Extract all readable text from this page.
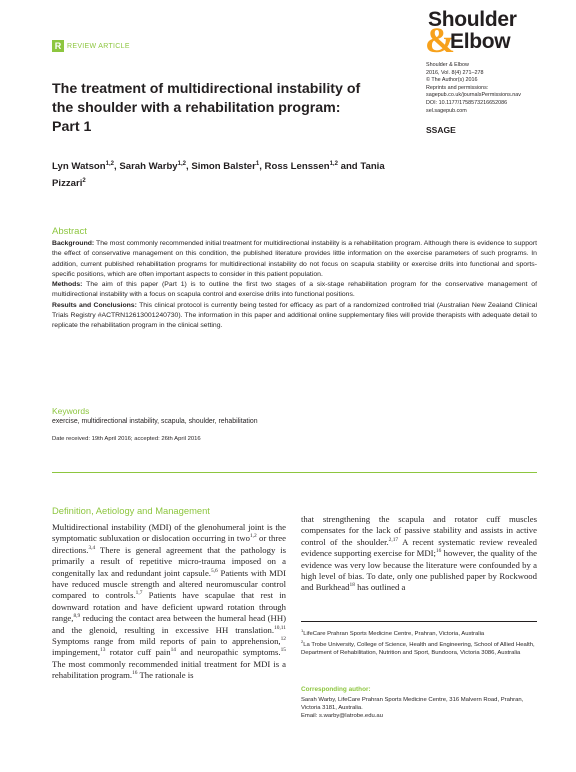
&
Shoulder
Elbow
Shoulder & Elbow
2016, Vol. 8(4) 271–278
© The Author(s) 2016
Reprints and permissions:
sagepub.co.uk/journalsPermissions.nav
DOI: 10.1177/1758573216652086
sel.sagepub.com
SSAGE
R REVIEW ARTICLE
The treatment of multidirectional instability of the shoulder with a rehabilitation program: Part 1
Lyn Watson$^{1,2}$, Sarah Warby$^{1,2}$, Simon Balster$^1$, Ross Lenssen$^{1,2}$ and Tania Pizzari$^2$
Abstract

Background: The most commonly recommended initial treatment for multidirectional instability is a rehabilitation program. Although there is evidence to support the effect of conservative management on this condition, the published literature provides little information on the exercise parameters of such programs. In addition, current published rehabilitation programs for multidirectional instability do not focus on scapula stability or exercise drills into functional and sports-specific positions, which are often important aspects to consider in this patient population.

Methods: The aim of this paper (Part 1) is to outline the first two stages of a six-stage rehabilitation program for the conservative management of multidirectional instability with a focus on scapula control and exercise drills into functional positions.

Results and Conclusions: This clinical protocol is currently being tested for efficacy as part of a randomized controlled trial (Australian New Zealand Clinical Trials Registry #ACTRN12613001240730). The information in this paper and additional online supplementary files will provide therapists with adequate detail to replicate the rehabilitation program in the clinical setting.

Keywords
exercise, multidirectional instability, scapula, shoulder, rehabilitation
Date received: 19th April 2016; accepted: 26th April 2016
Definition, Aetiology and Management
Multidirectional instability (MDI) of the glenohumeral joint is the symptomatic subluxation or dislocation occurring in two$^{1,2}$ or three directions.$^{3,4}$ There is general agreement that the pathology is primarily a result of repetitive micro-trauma imposed on a congenitally lax and redundant joint capsule.$^{5,6}$ Patients with MDI have reduced muscle strength and altered neuromuscular control compared to controls.$^{1,7}$ Patients have scapulae that rest in downward rotation and have deficient upward rotation through range,$^{8,9}$ reducing the contact area between the humeral head (HH) and the glenoid, resulting in excessive HH translation.$^{10,11}$ Symptoms range from mild reports of pain to apprehension,$^{12}$ impingement,$^{13}$ rotator cuff pain$^{14}$ and neuropathic symptoms.$^{15}$ The most commonly recommended initial treatment for MDI is a rehabilitation program.$^{16}$ The rationale is
that strengthening the scapula and rotator cuff muscles compensates for the lack of passive stability and assists in active control of the shoulder.$^{2,17}$ A recent systematic review revealed evidence supporting exercise for MDI;$^{16}$ however, the quality of the evidence was very low because the literature were confounded by a high level of bias. To date, only one published paper by Rockwood and Burkhead$^{18}$ has outlined a

$^1$LifeCare Prahran Sports Medicine Centre, Prahran, Victoria, Australia

$^2$La Trobe University, College of Science, Health and Engineering, School of Allied Health, Department of Rehabilitation, Nutrition and Sport, Bundoora, Victoria 3086, Australia

Corresponding author:

Sarah Warby, LifeCare Prahran Sports Medicine Centre, 316 Malvern Road, Prahran, Victoria 3181, Australia.

Email: s.warby@latrobe.edu.au
